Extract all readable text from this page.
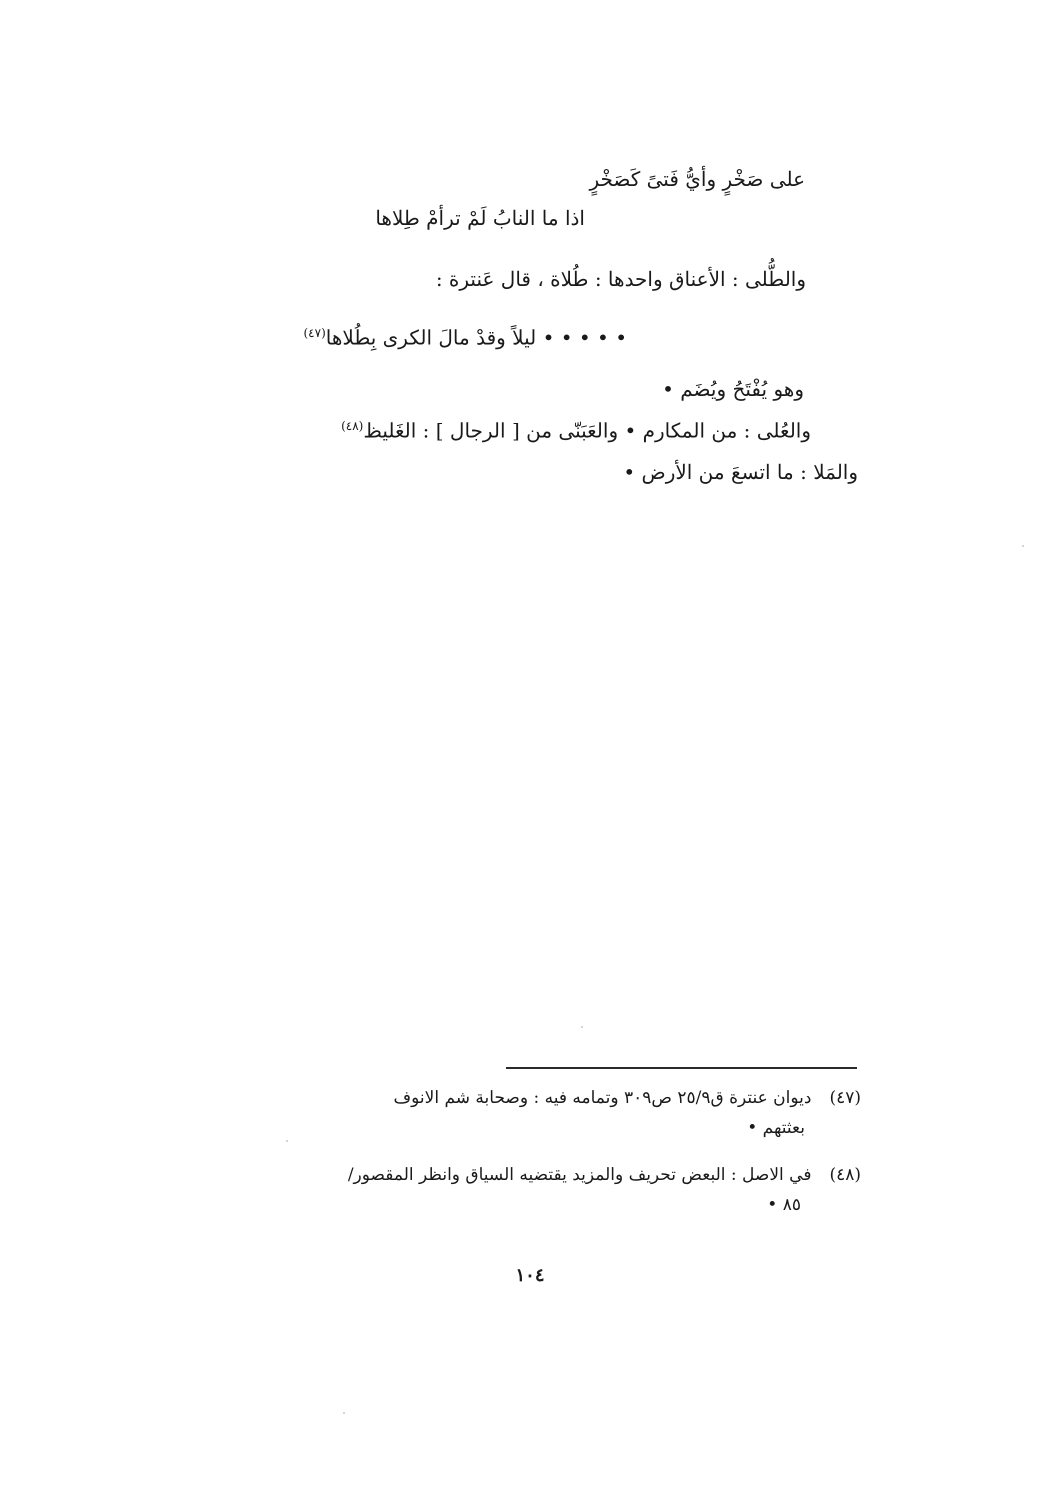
على صَخْرٍ وأيُّ فَتىً كَصَخْرٍ
اذا ما النابُ لَمْ ترأمْ طِلاها
والطُّلى : الأعناق واحدها : طُلاة ، قال عَنترة :
• • • • • ليلاً وقدْ مالَ الكرى بِطُلاها$^{(٤٧)}$
وهو يُفْتَحُ ويُضَم •
والعُلى : من المكارم • والعَبَنّى من [ الرجال ] : الغَليظ$^{(٤٨)}$
والمَلا : ما اتسعَ من الأرض •
(٤٧)ديوان عنترة ق٢٥/٩ ص٣٠٩ وتمامه فيه : وصحابة شم الانوف
بعثتهم •
(٤٨)في الاصل : البعض تحريف والمزيد يقتضيه السياق وانظر المقصور/
٨٥ •
١٠٤
